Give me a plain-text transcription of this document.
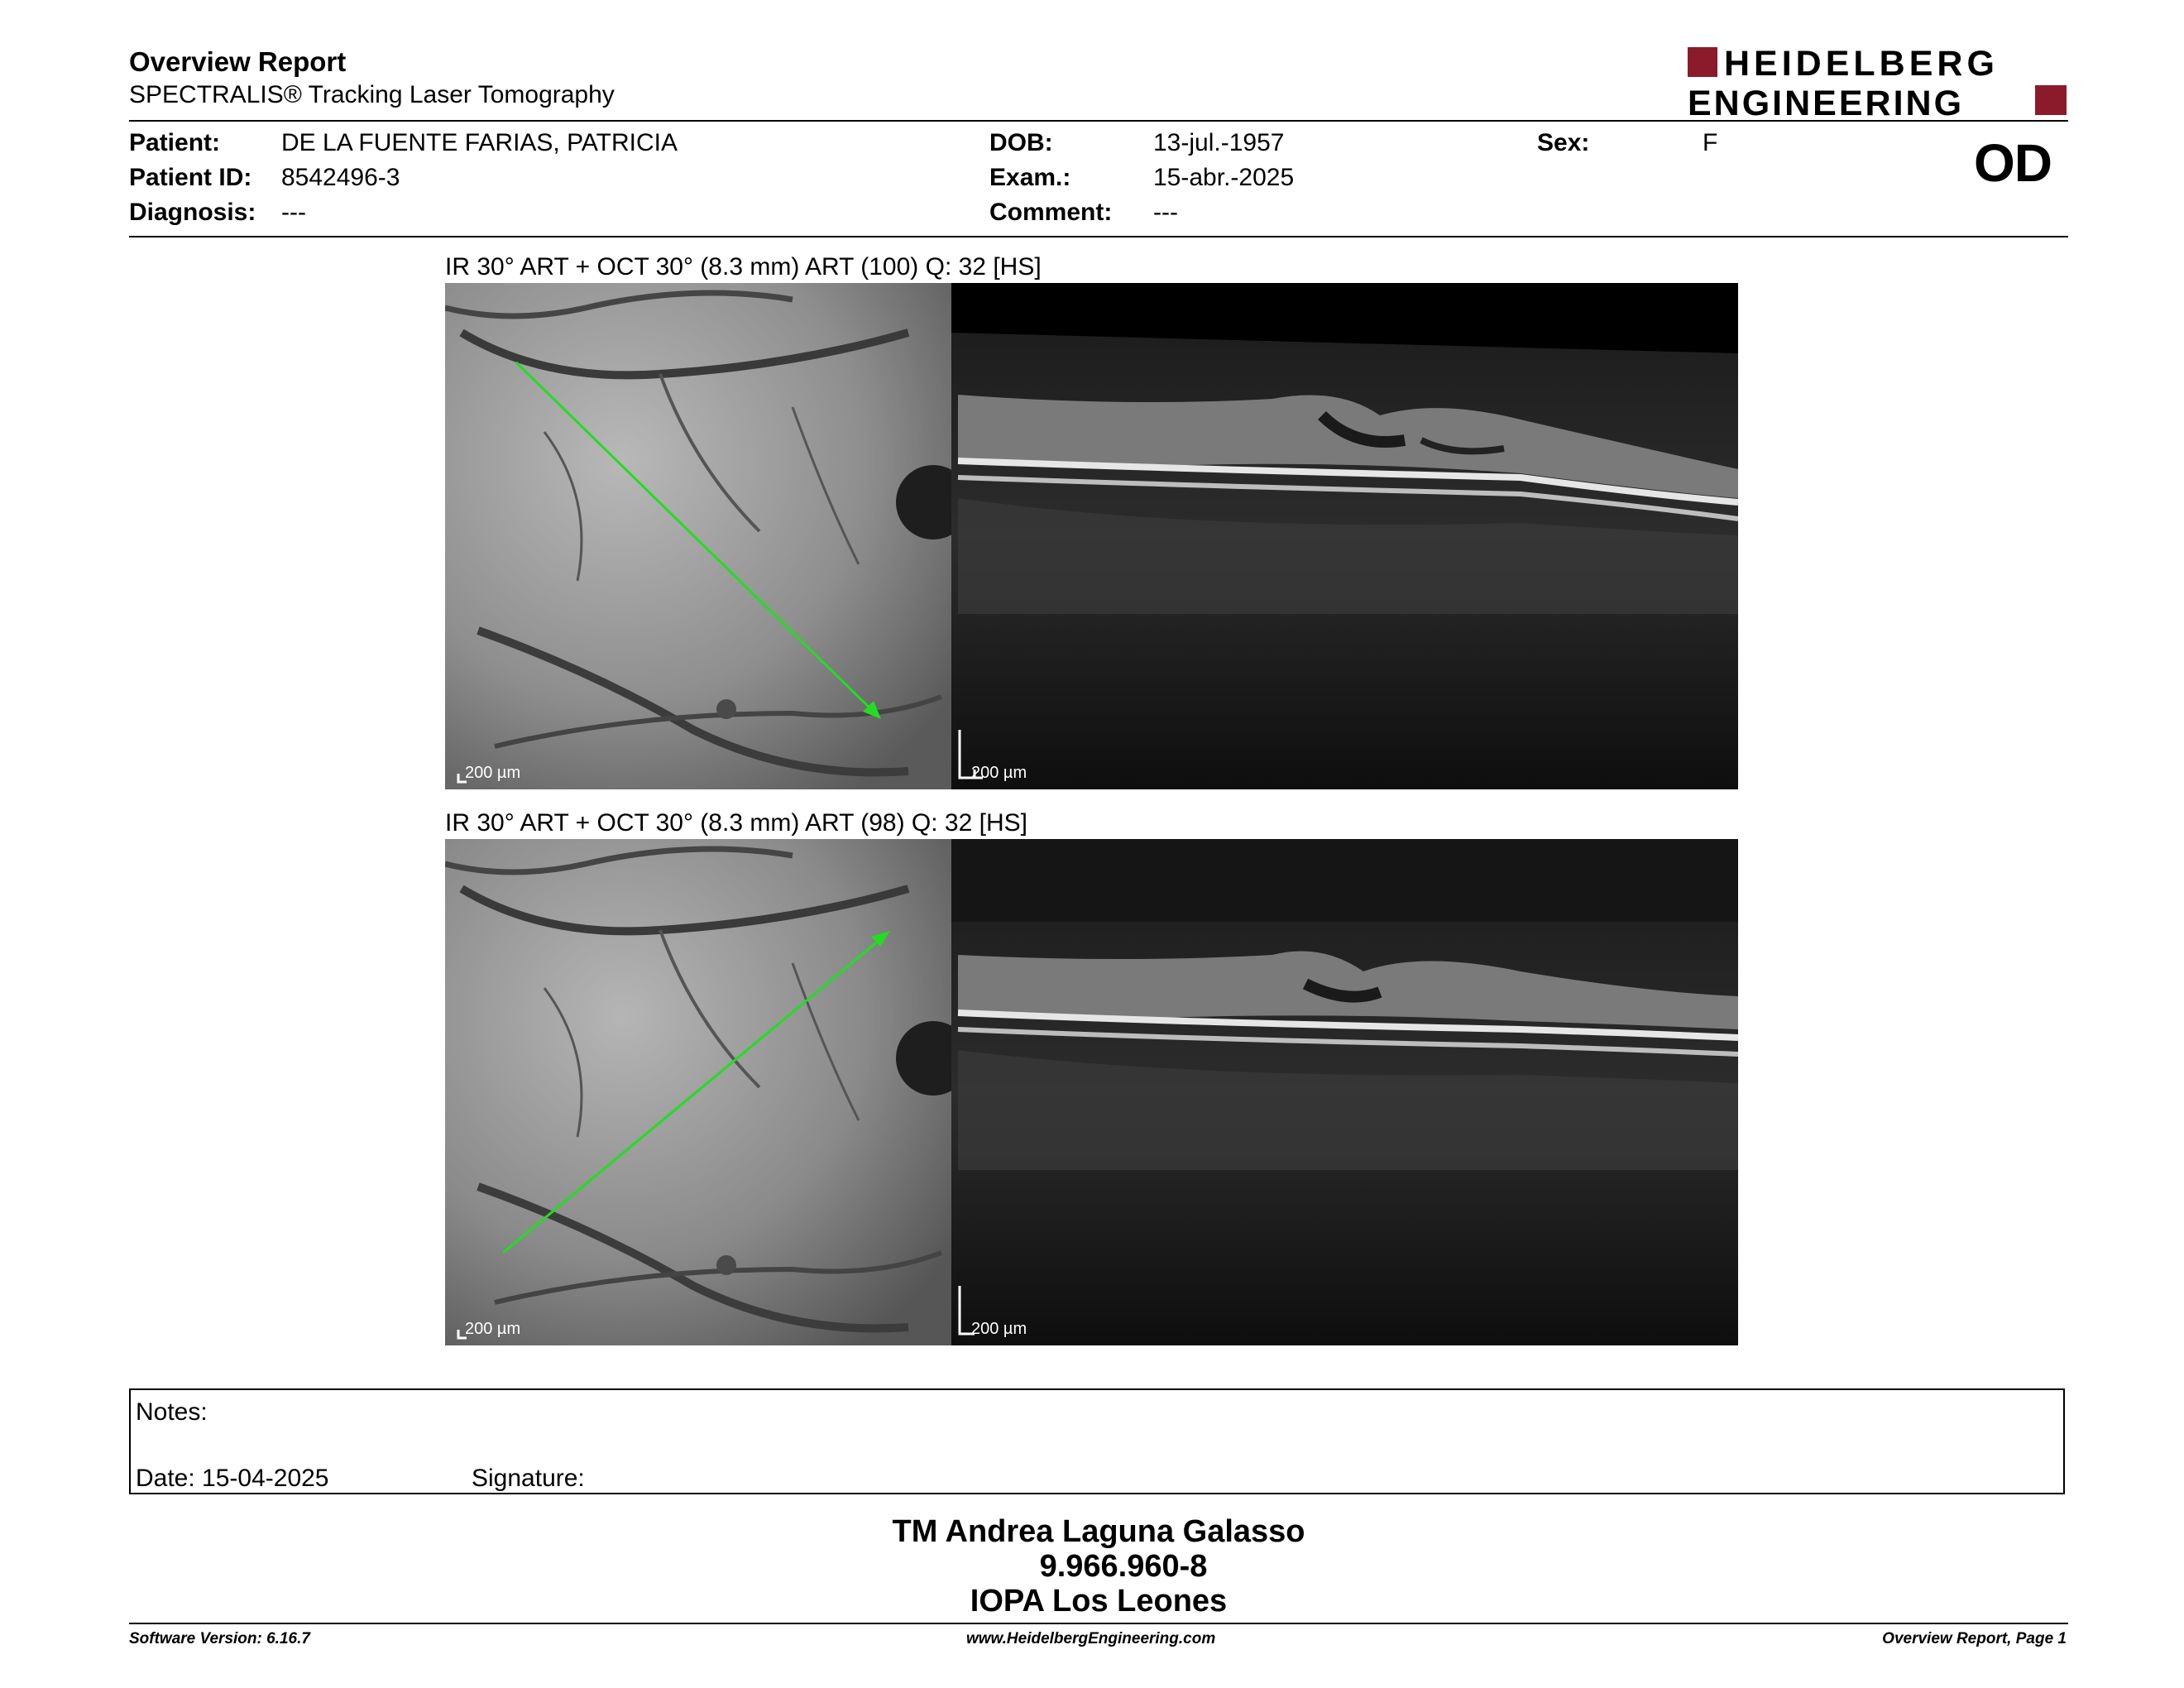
Overview Report
SPECTRALIS® Tracking Laser Tomography
HEIDELBERG
ENGINEERING
Patient: DE LA FUENTE FARIAS, PATRICIA
Patient ID: 8542496-3
Diagnosis: ---
DOB:	13-jul.-1957
Exam.:	15-abr.-2025
Comment: ---
Sex:	F	OD
IR 30° ART + OCT 30° (8.3 mm) ART (100) Q: 32 [HS]
200 µm	200 µm
IR 30° ART + OCT 30° (8.3 mm) ART (98) Q: 32 [HS]
200 µm	200 µm
Notes:
Date: 15-04-2025	Signature:
TM Andrea Laguna Galasso
9.966.960-8
IOPA Los Leones
Software Version: 6.16.7	www.HeidelbergEngineering.com	Overview Report, Page 1
